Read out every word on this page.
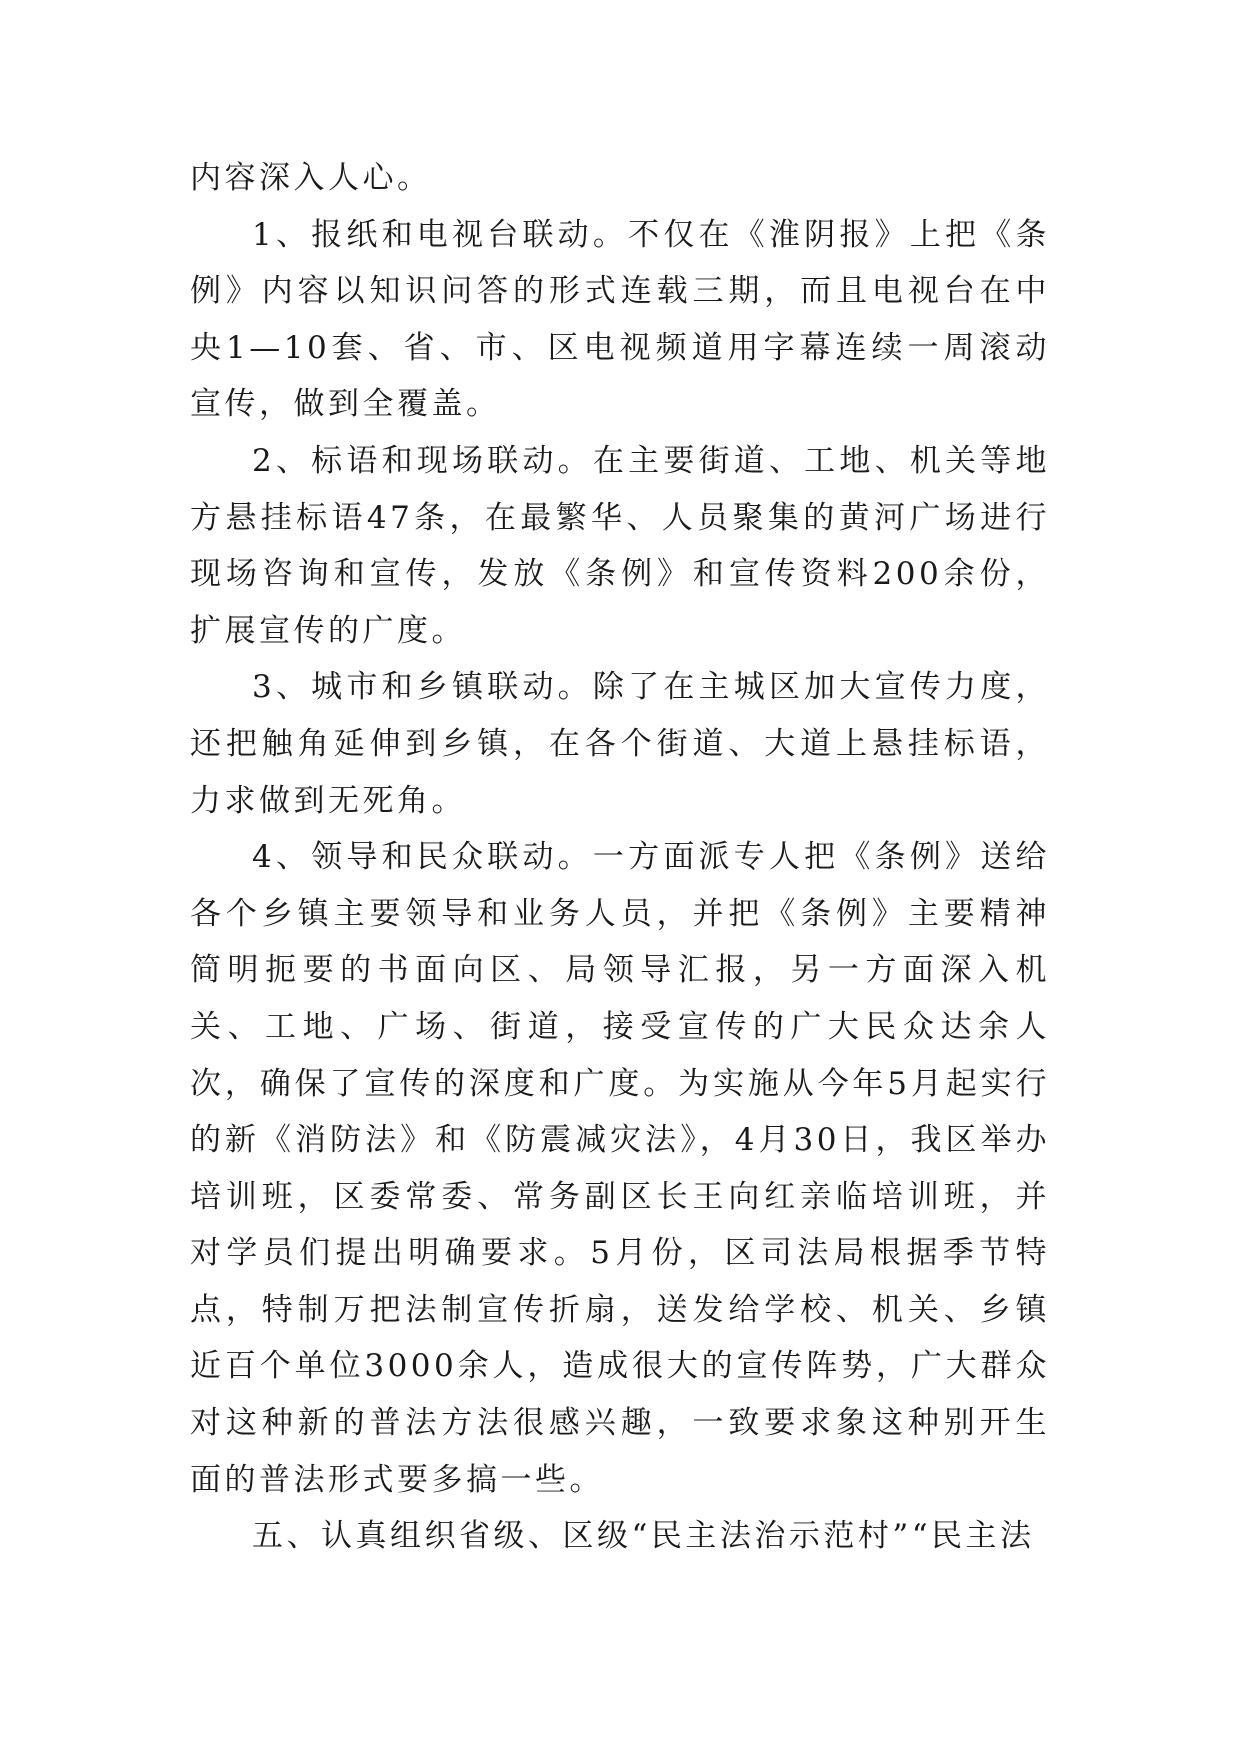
内容深入人心。

1、报纸和电视台联动。不仅在《淮阴报》上把《条例》内容以知识问答的形式连载三期，而且电视台在中央1—10套、省、市、区电视频道用字幕连续一周滚动宣传，做到全覆盖。

2、标语和现场联动。在主要街道、工地、机关等地方悬挂标语47条，在最繁华、人员聚集的黄河广场进行现场咨询和宣传，发放《条例》和宣传资料200余份，扩展宣传的广度。

3、城市和乡镇联动。除了在主城区加大宣传力度，还把触角延伸到乡镇，在各个街道、大道上悬挂标语，力求做到无死角。

4、领导和民众联动。一方面派专人把《条例》送给各个乡镇主要领导和业务人员，并把《条例》主要精神简明扼要的书面向区、局领导汇报，另一方面深入机关、工地、广场、街道，接受宣传的广大民众达余人次，确保了宣传的深度和广度。为实施从今年5月起实行的新《消防法》和《防震减灾法》，4月30日，我区举办培训班，区委常委、常务副区长王向红亲临培训班，并对学员们提出明确要求。5月份，区司法局根据季节特点，特制万把法制宣传折扇，送发给学校、机关、乡镇近百个单位3000余人，造成很大的宣传阵势，广大群众对这种新的普法方法很感兴趣，一致要求象这种别开生面的普法形式要多搞一些。

五、认真组织省级、区级“民主法治示范村”“民主法
